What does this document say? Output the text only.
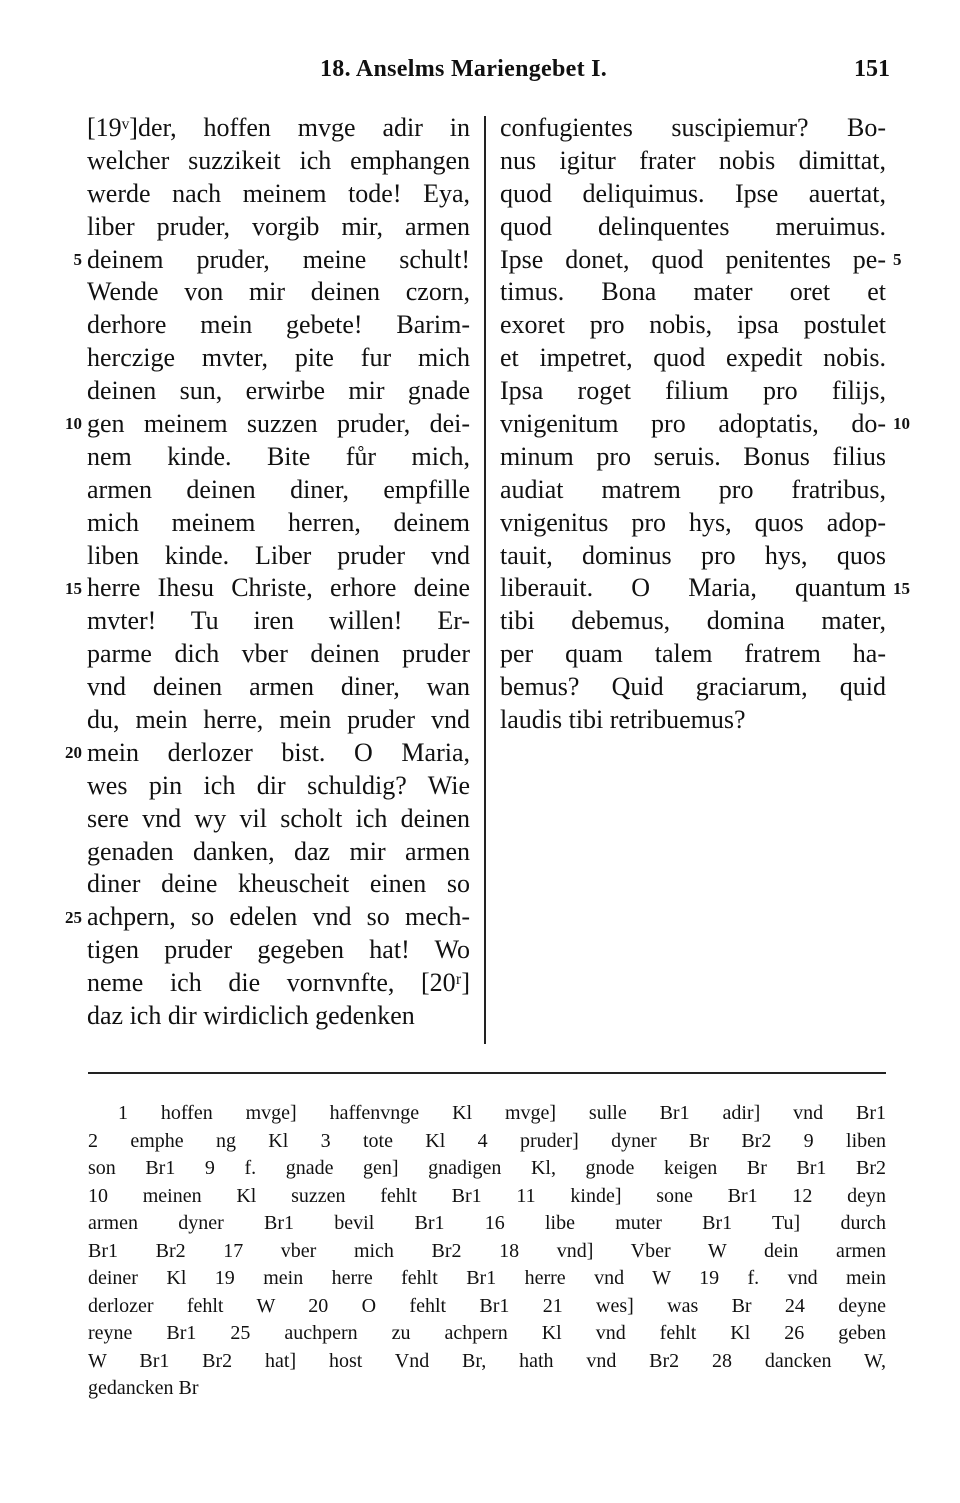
18. Anselms Mariengebet I.	151
[19ᵛ]der, hoffen mvge adir in
welcher suzzikeit ich emphangen
werde nach meinem tode! Eya,
liber pruder, vorgib mir, armen
deinem pruder, meine schult!
Wende von mir deinen czorn,
derhore mein gebete! Barim-
herczige mvter, pite fur mich
deinen sun, erwirbe mir gnade
gen meinem suzzen pruder, dei-
nem kinde. Bite fůr mich,
armen deinen diner, empfille
mich meinem herren, deinem
liben kinde. Liber pruder vnd
herre Ihesu Christe, erhore deine
mvter! Tu iren willen! Er-
parme dich vber deinen pruder
vnd deinen armen diner, wan
du, mein herre, mein pruder vnd
mein derlozer bist. O Maria,
wes pin ich dir schuldig? Wie
sere vnd wy vil scholt ich deinen
genaden danken, daz mir armen
diner deine kheuscheit einen so
achpern, so edelen vnd so mech-
tigen pruder gegeben hat! Wo
neme ich die vornvnfte, [20ʳ]
daz ich dir wirdiclich gedenken
confugientes suscipiemur? Bo-
nus igitur frater nobis dimittat,
quod deliquimus. Ipse auertat,
quod delinquentes meruimus.
Ipse donet, quod penitentes pe-
timus. Bona mater oret et
exoret pro nobis, ipsa postulet
et impetret, quod expedit nobis.
Ipsa roget filium pro filijs,
vnigenitum pro adoptatis, do-
minum pro seruis. Bonus filius
audiat matrem pro fratribus,
vnigenitus pro hys, quos adop-
tauit, dominus pro hys, quos
liberauit. O Maria, quantum
tibi debemus, domina mater,
per quam talem fratrem ha-
bemus? Quid graciarum, quid
laudis tibi retribuemus?
5
10
15
20
25
5
10
15
1 hoffen mvge] haffenvnge Kl mvge] sulle Br1 adir] vnd Br1
2 emphe ng Kl 3 tote Kl 4 pruder] dyner Br Br2 9 liben
son Br1 9 f. gnade gen] gnadigen Kl, gnode keigen Br Br1 Br2
10 meinen Kl suzzen fehlt Br1 11 kinde] sone Br1 12 deyn
armen dyner Br1 bevil Br1 16 libe muter Br1 Tu] durch
Br1 Br2 17 vber mich Br2 18 vnd] Vber W dein armen
deiner Kl 19 mein herre fehlt Br1 herre vnd W 19 f. vnd mein
derlozer fehlt W 20 O fehlt Br1 21 wes] was Br 24 deyne
reyne Br1 25 auchpern zu achpern Kl vnd fehlt Kl 26 geben
W Br1 Br2 hat] host Vnd Br, hath vnd Br2 28 dancken W,
gedancken Br
